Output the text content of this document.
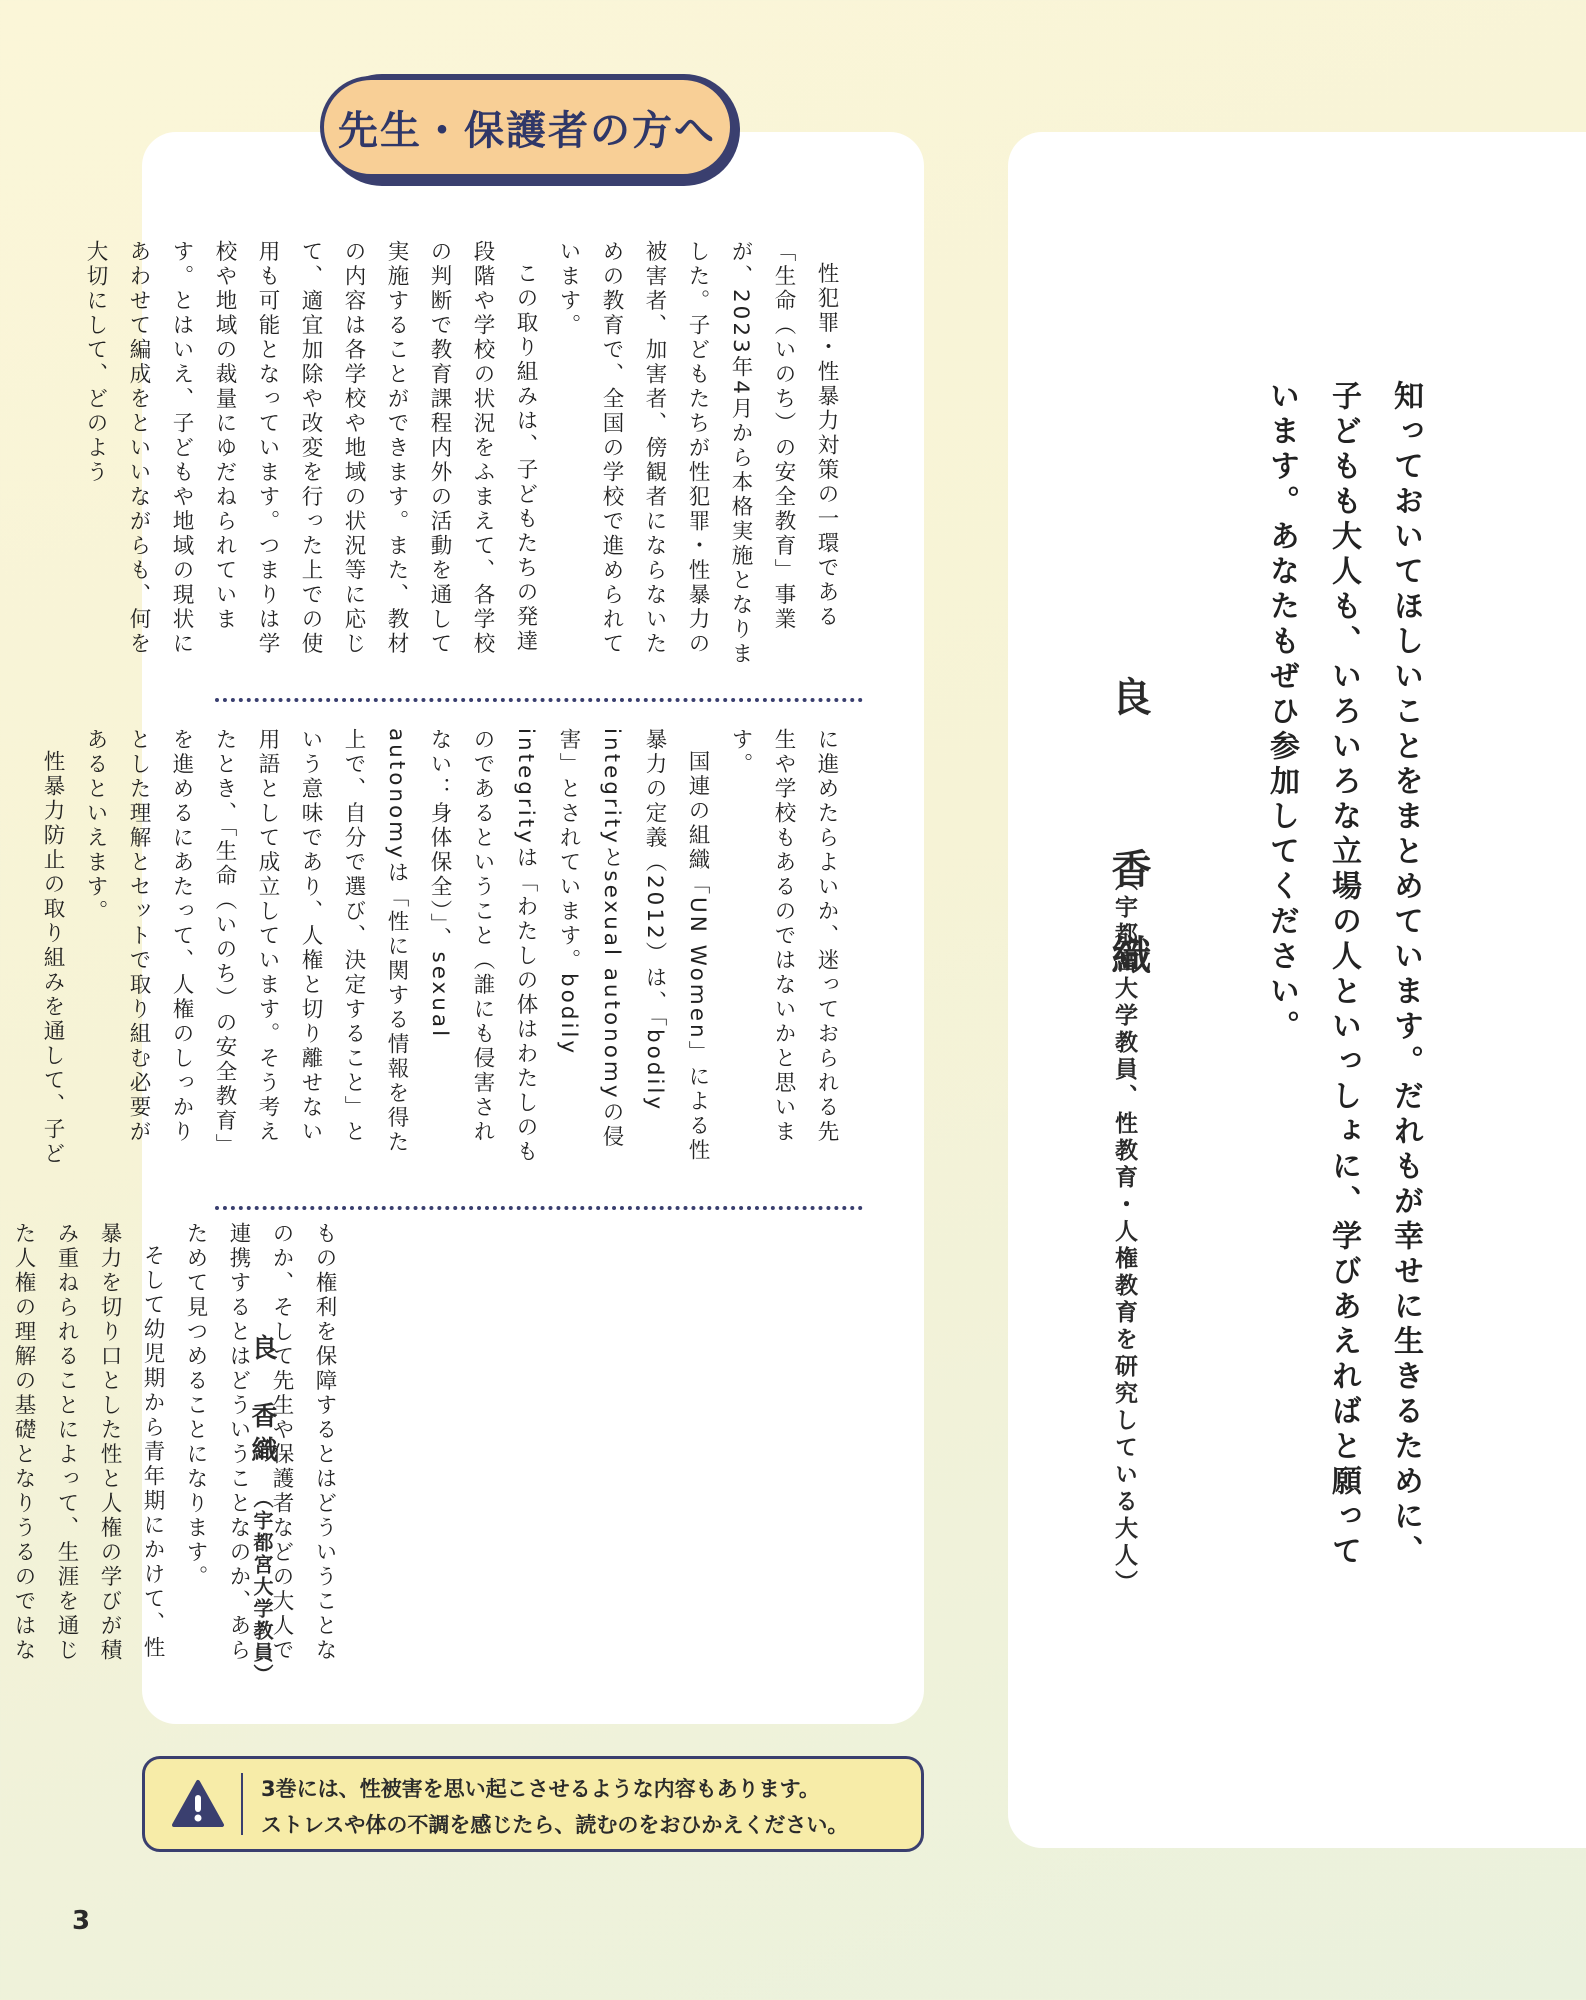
先生・保護者の方へ

性犯罪・性暴力対策の一環である「生命（いのち）の安全教育」事業が、2023年4月から本格実施となりました。子どもたちが性犯罪・性暴力の被害者、加害者、傍観者にならないための教育で、全国の学校で進められています。

この取り組みは、子どもたちの発達段階や学校の状況をふまえて、各学校の判断で教育課程内外の活動を通して実施することができます。また、教材の内容は各学校や地域の状況等に応じて、適宜加除や改変を行った上での使用も可能となっています。つまりは学校や地域の裁量にゆだねられています。とはいえ、子どもや地域の現状にあわせて編成をといいながらも、何を大切にして、どのよう

に進めたらよいか、迷っておられる先生や学校もあるのではないかと思います。

国連の組織「UN Women」による性暴力の定義（2012）は、「bodily integrityとsexual autonomyの侵害」とされています。bodily integrityは「わたしの体はわたしのものであるということ（誰にも侵害されない：身体保全）」、sexual autonomyは「性に関する情報を得た上で、自分で選び、決定すること」という意味であり、人権と切り離せない用語として成立しています。そう考えたとき、「生命（いのち）の安全教育」を進めるにあたって、人権のしっかりとした理解とセットで取り組む必要があるといえます。

性暴力防止の取り組みを通して、子ど

もの権利を保障するとはどういうことなのか、そして先生や保護者などの大人で連携するとはどういうことなのか、あらためて見つめることになります。

そして幼児期から青年期にかけて、性暴力を切り口とした性と人権の学びが積み重ねられることによって、生涯を通じた人権の理解の基礎となりうるのではな

良　香織 （宇都宮大学教員）
知っておいてほしいことをまとめています。だれもが幸せに生きるために、子どもも大人も、いろいろな立場の人といっしょに、学びあえればと願っています。あなたもぜひ参加してください。
良　香織
（宇都宮大学教員、性教育・人権教育を研究している大人）
3巻には、性被害を思い起こさせるような内容もあります。
ストレスや体の不調を感じたら、読むのをおひかえください。
3
